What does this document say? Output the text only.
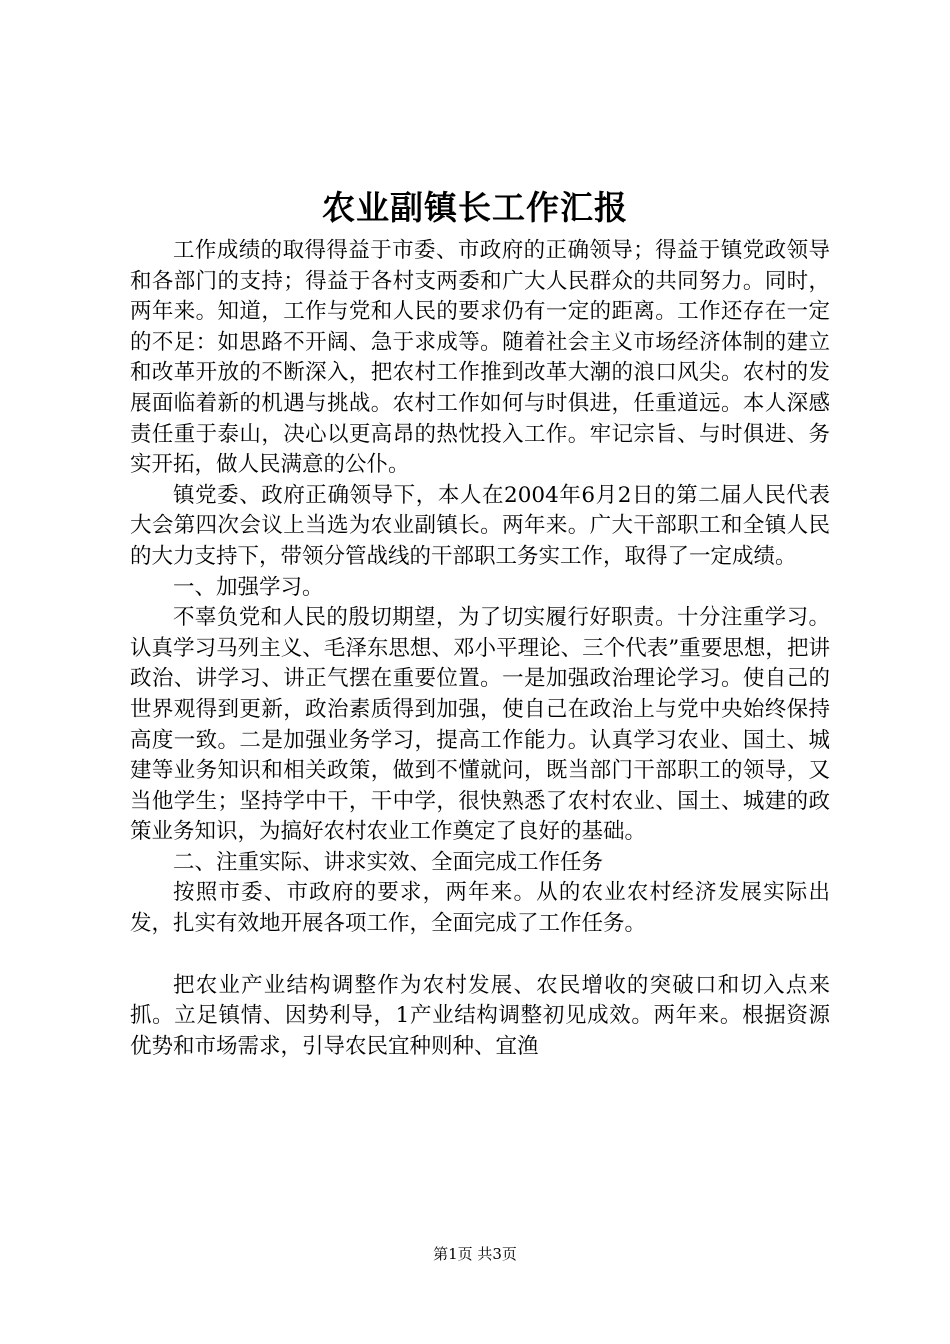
农业副镇长工作汇报

工作成绩的取得得益于市委、市政府的正确领导；得益于镇党政领导和各部门的支持；得益于各村支两委和广大人民群众的共同努力。同时，两年来。知道，工作与党和人民的要求仍有一定的距离。工作还存在一定的不足：如思路不开阔、急于求成等。随着社会主义市场经济体制的建立和改革开放的不断深入，把农村工作推到改革大潮的浪口风尖。农村的发展面临着新的机遇与挑战。农村工作如何与时俱进，任重道远。本人深感责任重于泰山，决心以更高昂的热忱投入工作。牢记宗旨、与时俱进、务实开拓，做人民满意的公仆。

镇党委、政府正确领导下，本人在2004年6月2日的第二届人民代表大会第四次会议上当选为农业副镇长。两年来。广大干部职工和全镇人民的大力支持下，带领分管战线的干部职工务实工作，取得了一定成绩。

一、加强学习。

不辜负党和人民的殷切期望，为了切实履行好职责。十分注重学习。认真学习马列主义、毛泽东思想、邓小平理论、三个代表”重要思想，把讲政治、讲学习、讲正气摆在重要位置。一是加强政治理论学习。使自己的世界观得到更新，政治素质得到加强，使自己在政治上与党中央始终保持高度一致。二是加强业务学习，提高工作能力。认真学习农业、国土、城建等业务知识和相关政策，做到不懂就问，既当部门干部职工的领导，又当他学生；坚持学中干，干中学，很快熟悉了农村农业、国土、城建的政策业务知识，为搞好农村农业工作奠定了良好的基础。

二、注重实际、讲求实效、全面完成工作任务

按照市委、市政府的要求，两年来。从的农业农村经济发展实际出发，扎实有效地开展各项工作，全面完成了工作任务。

把农业产业结构调整作为农村发展、农民增收的突破口和切入点来抓。立足镇情、因势利导，1产业结构调整初见成效。两年来。根据资源优势和市场需求，引导农民宜种则种、宜渔

第1页 共3页
